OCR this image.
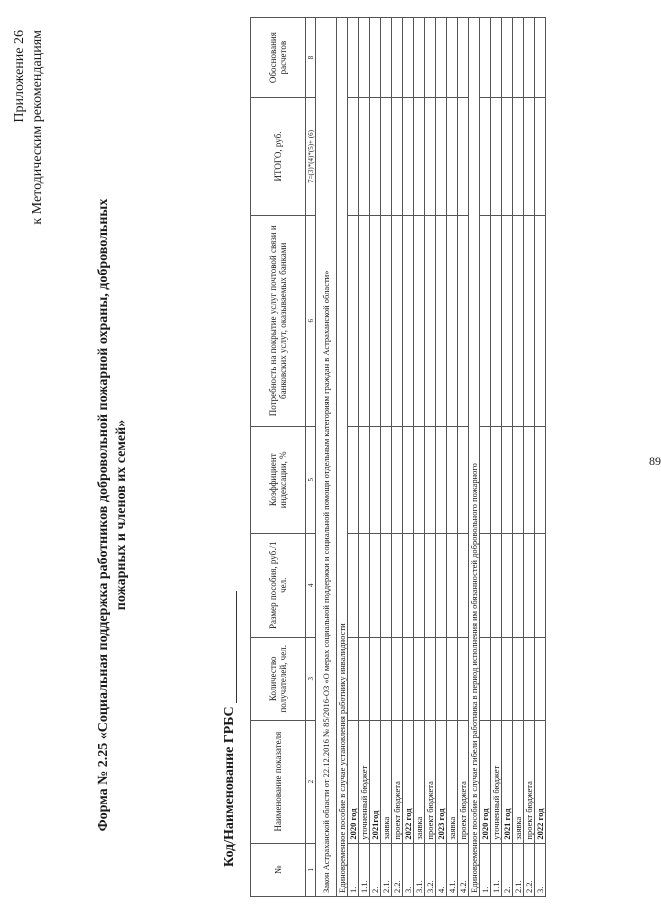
89
Приложение 26 к Методическим рекомендациям
Форма № 2.25 «Социальная поддержка работников добровольной пожарной охраны, добровольных пожарных и членов их семей»
Код/Наименование ГРБС
№	Наименование показателя	Количество получателей, чел.	Размер пособия, руб./1 чел.	Коэффициент индексации, %	Потребность на покрытие услуг почтовой связи и банковских услут, оказываемых банками	ИТОГО, руб.	Обоснования расчетов
1	2	3	4	5	6	7=(3)*(4)*(5)+ (6)	8
Закон Астраханской области от 22.12.2016 № 85/2016-ОЗ «О мерах социальной поддержки и социальной помощи отдельным категориям граждан в Астраханской области»							
Единовременное пособие в случае установления работнику инвалидности							
1.	2020 год						
1.1.	уточненный бюджет						
2.	2021год						
2.1.	заявка						
2.2.	проект бюджета						
3.	2022 год						
3.1.	заявка						
3.2.	проект бюджета						
4.	2023 год						
4.1.	заявка						
4.2.	проект бюджета						
Единовременное пособие в случае гибели работника в период исполнения им обязанностей добровольного пожарного							
1.	2020 год						
1.1.	уточненный бюджет						
2.	2021 год						
2.1.	заявка						
2.2.	проект бюджета						
3.	2022 год						
